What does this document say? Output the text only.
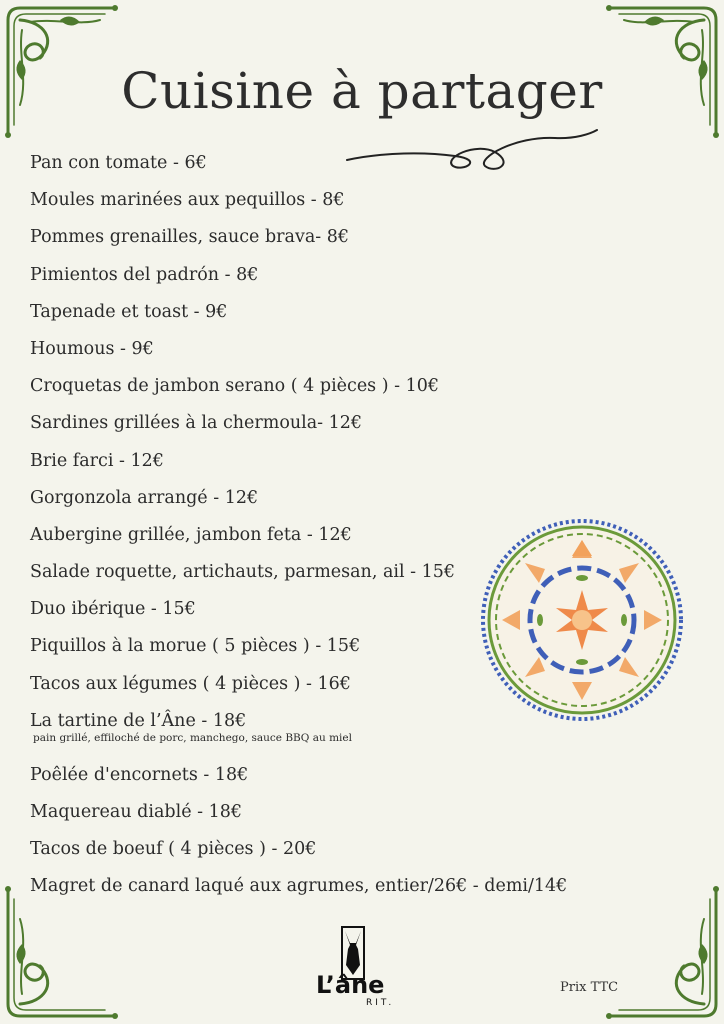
Cuisine à partager
Pan con tomate - 6€
Moules marinées aux pequillos - 8€
Pommes grenailles, sauce brava- 8€
Pimientos del padrón - 8€
Tapenade et toast - 9€
Houmous - 9€
Croquetas de jambon serano ( 4 pièces ) - 10€
Sardines grillées à la chermoula- 12€
Brie farci - 12€
Gorgonzola arrangé - 12€
Aubergine grillée, jambon feta - 12€
Salade roquette, artichauts, parmesan, ail - 15€
Duo ibérique - 15€
Piquillos à la morue ( 5 pièces ) - 15€
Tacos aux légumes ( 4 pièces ) - 16€
La tartine de l’Âne - 18€
pain grillé, effiloché de porc, manchego, sauce BBQ au miel
Poêlée d'encornets - 18€
Maquereau diablé - 18€
Tacos de boeuf ( 4 pièces ) - 20€
Magret de canard laqué aux agrumes, entier/26€ - demi/14€
L’âne
RIT.
Prix TTC
